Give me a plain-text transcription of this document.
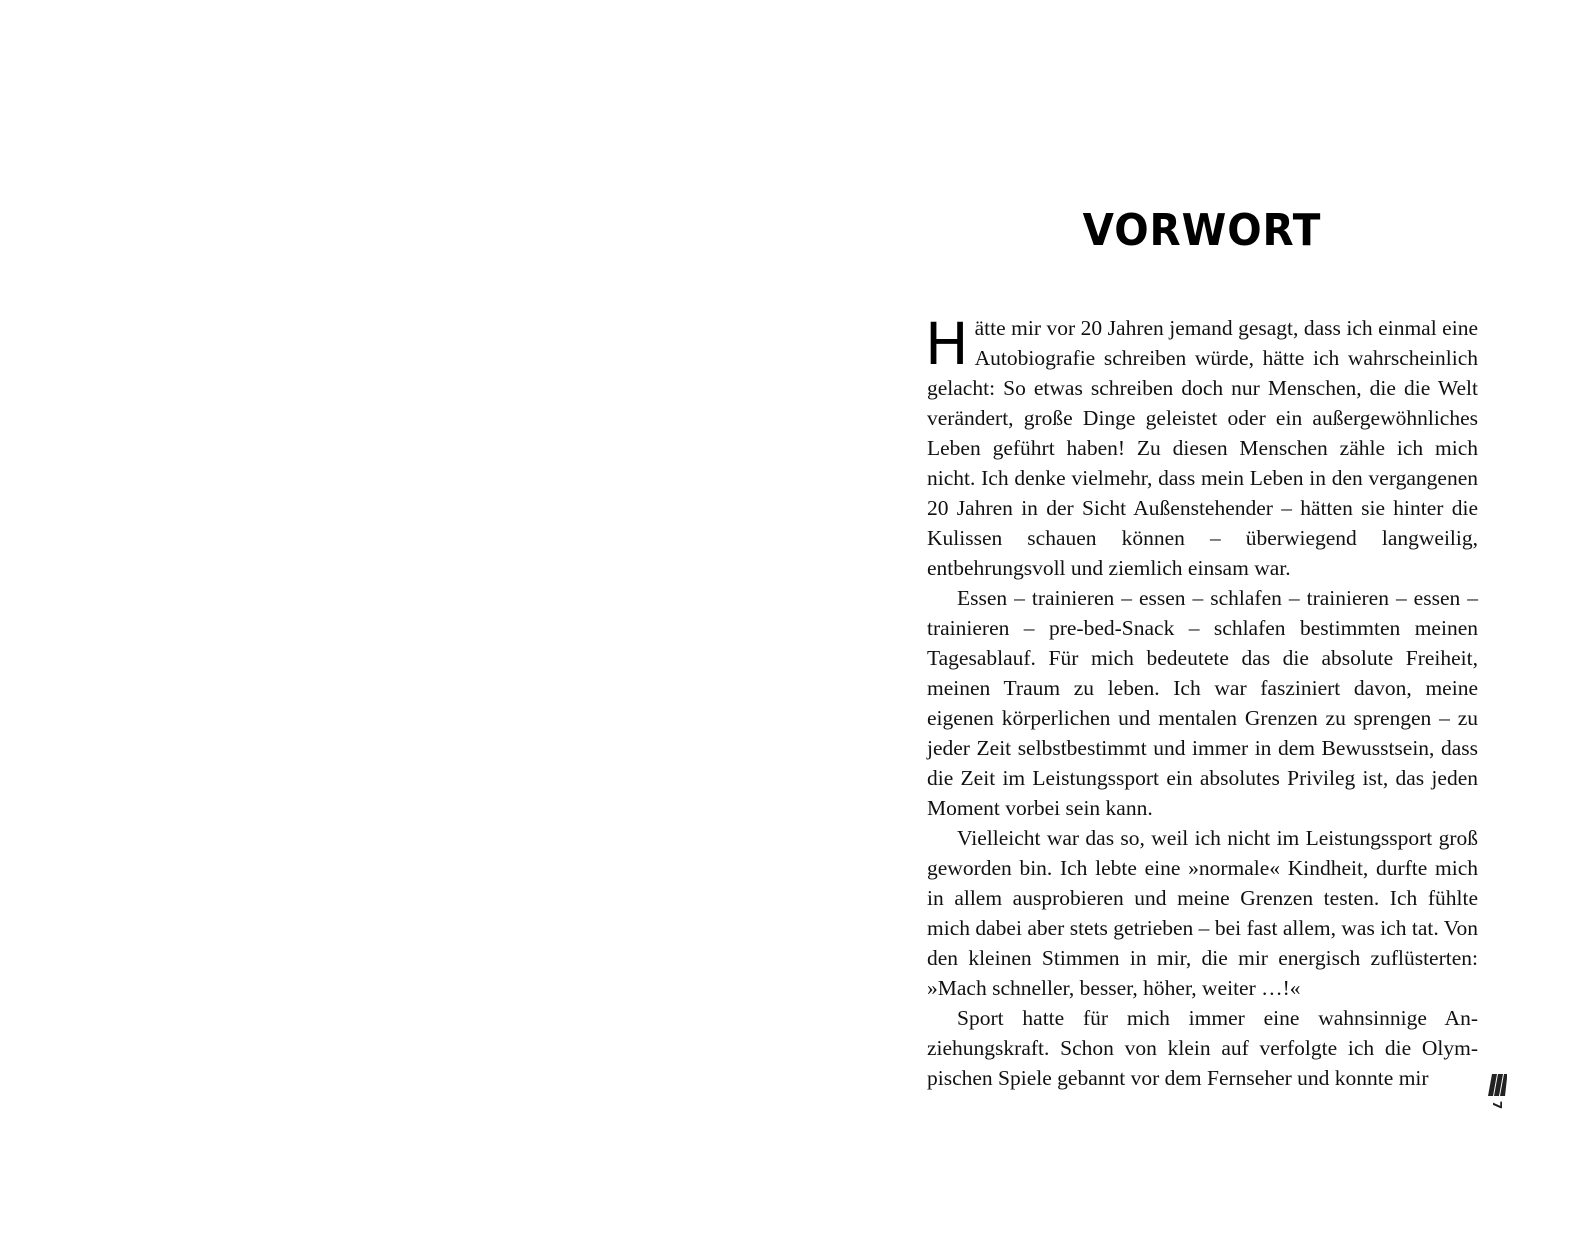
VORWORT

Hätte mir vor 20 Jahren jemand gesagt, dass ich einmal eine Autobiografie schreiben würde, hätte ich wahrscheinlich gelacht: So etwas schreiben doch nur Menschen, die die Welt verändert, große Dinge geleistet oder ein außergewöhnliches Leben geführt haben! Zu diesen Menschen zähle ich mich nicht. Ich denke vielmehr, dass mein Leben in den vergangenen 20 Jahren in der Sicht Außenstehender – hätten sie hinter die Kulissen schauen können – überwiegend langweilig, entbehrungsvoll und ziemlich einsam war.

Essen – trainieren – essen – schlafen – trainieren – essen – trainieren – pre-bed-Snack – schlafen bestimmten meinen Tagesablauf. Für mich bedeutete das die absolute Freiheit, meinen Traum zu leben. Ich war fasziniert davon, meine eigenen körperlichen und mentalen Grenzen zu sprengen – zu jeder Zeit selbstbestimmt und immer in dem Bewusstsein, dass die Zeit im Leistungssport ein absolutes Privileg ist, das jeden Moment vorbei sein kann.

Vielleicht war das so, weil ich nicht im Leistungssport groß geworden bin. Ich lebte eine »normale« Kindheit, durfte mich in allem ausprobieren und meine Grenzen testen. Ich fühlte mich dabei aber stets getrieben – bei fast allem, was ich tat. Von den kleinen Stimmen in mir, die mir energisch zuflüsterten: »Mach schneller, besser, höher, weiter …!«

Sport hatte für mich immer eine wahnsinnige Anziehungskraft. Schon von klein auf verfolgte ich die Olympischen Spiele gebannt vor dem Fernseher und konnte mir

7
